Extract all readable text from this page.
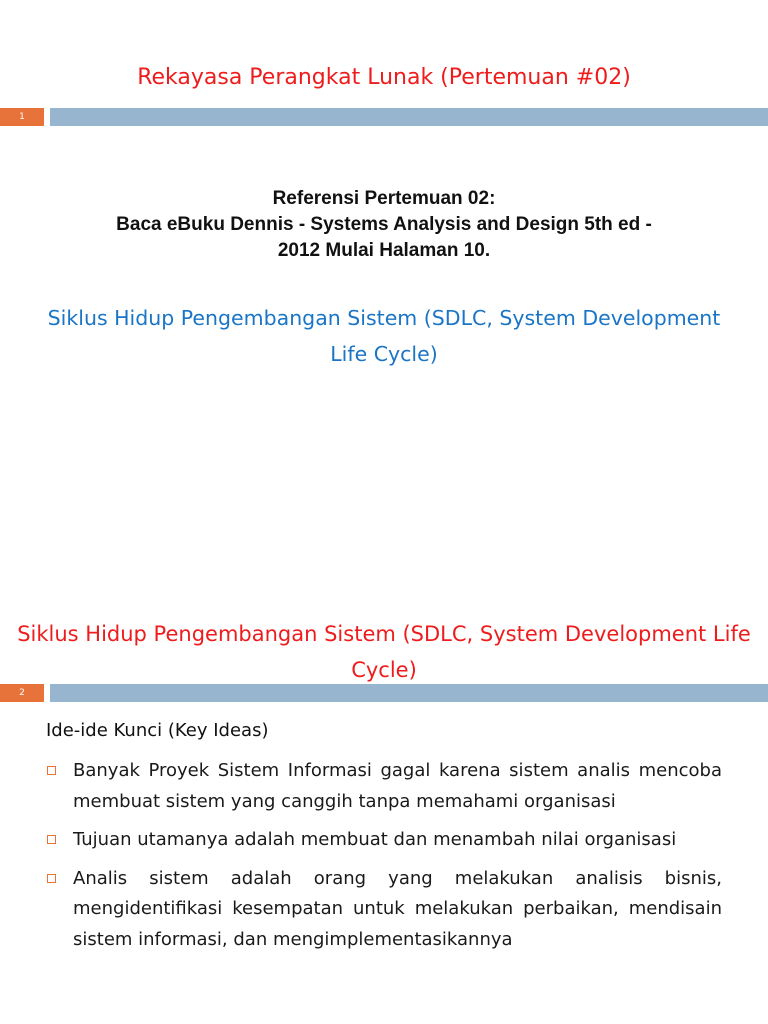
Rekayasa Perangkat Lunak (Pertemuan #02)
1
Referensi Pertemuan 02:
Baca eBuku Dennis - Systems Analysis and Design 5th ed -
2012 Mulai Halaman 10.
Siklus Hidup Pengembangan Sistem (SDLC, System Development Life Cycle)
Siklus Hidup Pengembangan Sistem (SDLC, System Development Life Cycle)
2
Ide-ide Kunci (Key Ideas)
Banyak Proyek Sistem Informasi gagal karena sistem analis mencoba membuat sistem yang canggih tanpa memahami organisasi
Tujuan utamanya adalah membuat dan menambah nilai organisasi
Analis sistem adalah orang yang melakukan analisis bisnis, mengidentifikasi kesempatan untuk melakukan perbaikan, mendisain sistem informasi, dan mengimplementasikannya
